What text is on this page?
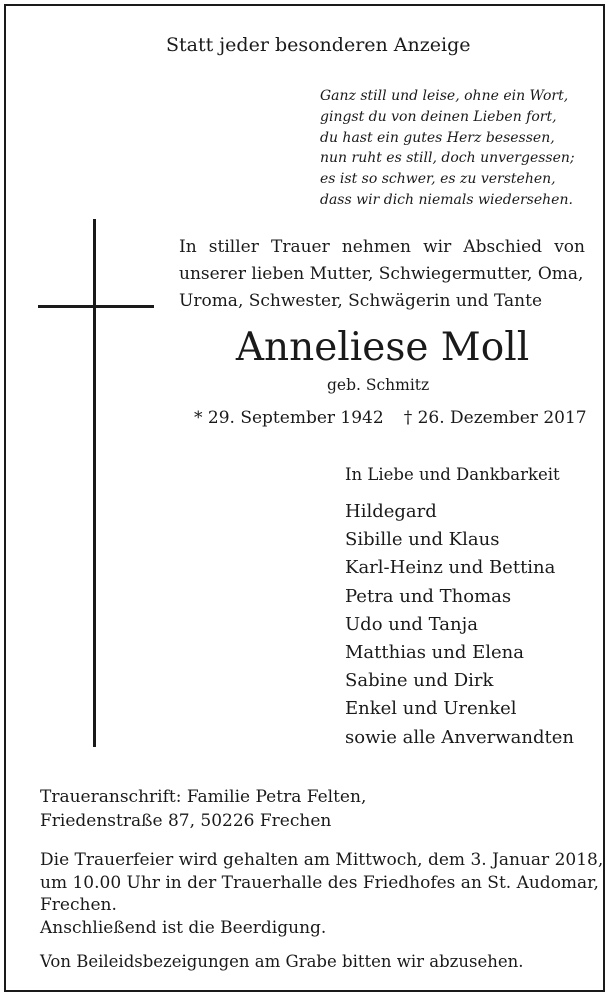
Statt jeder besonderen Anzeige

Ganz still und leise, ohne ein Wort,
gingst du von deinen Lieben fort,
du hast ein gutes Herz besessen,
nun ruht es still, doch unvergessen;
es ist so schwer, es zu verstehen,
dass wir dich niemals wiedersehen.
In stiller Trauer nehmen wir Abschied von
unserer lieben Mutter, Schwiegermutter, Oma,
Uroma, Schwester, Schwägerin und Tante

Anneliese Moll

geb. Schmitz

* 29. September 1942 † 26. Dezember 2017

In Liebe und Dankbarkeit

Hildegard
Sibille und Klaus
Karl-Heinz und Bettina
Petra und Thomas
Udo und Tanja
Matthias und Elena
Sabine und Dirk
Enkel und Urenkel
sowie alle Anverwandten
Traueranschrift: Familie Petra Felten,
Friedenstraße 87, 50226 Frechen
Die Trauerfeier wird gehalten am Mittwoch, dem 3. Januar 2018,
um 10.00 Uhr in der Trauerhalle des Friedhofes an St. Audomar,
Frechen.
Anschließend ist die Beerdigung.

Von Beileidsbezeigungen am Grabe bitten wir abzusehen.
